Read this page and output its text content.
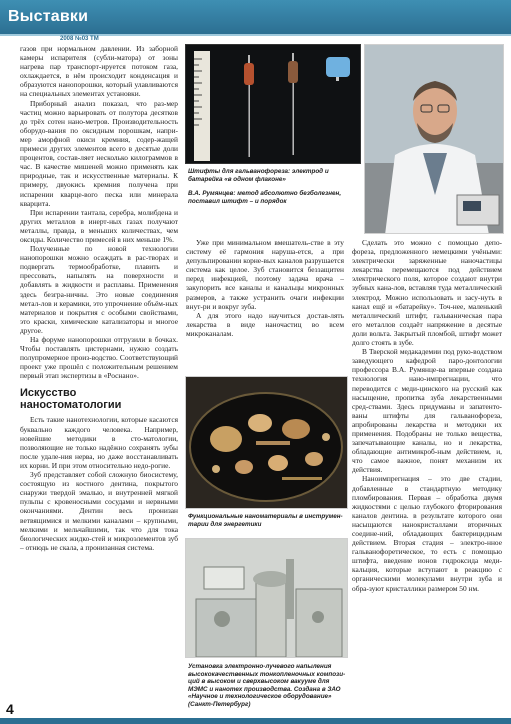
Выставки
2008 №03 ТМ

газов при нормальном давлении. Из заборной камеры испарителя (субли-матора) от зоны нагрева пар транспорт-ируется потоком газа, охлаждается, в нём происходит конденсация и образуются нанопорошки, который улавливаются на специальных элементах установки.

Приборный анализ показал, что раз-мер частиц можно варьировать от полутора десятков до трёх сотен нано-метров. Производительность оборудо-вания по оксидным порошкам, напри-мер аморфной окиси кремния, содер-жащей примеси других элементов всего в десятые доли процентов, состав-ляет несколько килограммов в час. В качестве мишеней можно применять как природные, так и искусственные материалы. К примеру, двуокись кремния получена при испарении кварце-вого песка или минерала кварцита.

При испарении тантала, серебра, молибдена и других металлов в инерт-ных газах получают металлы, правда, в меньших количествах, чем оксиды. Количество примесей в них меньше 1%.

Полученные по новой технологии нанопорошки можно осаждать в рас-творах и подвергать термообработке, плавить и прессовать, напылять на поверхности и добавлять в жидкости и расплавы. Применения здесь безгра-ничны. Это новые соединения метал-лов и керамики, это упрочнение объём-ных материалов и покрытия с особыми свойствами, это краски, химические катализаторы и многое другое.

На форуме нанопорошки отгрузили в бочках. Чтобы поставлять цистернами, нужно создать полупромерное произ-водство. Соответствующий проект уже прошёл с положительным решением первый этап экспертизы в «Роснано».

Искусство наностоматологии

Есть такие нанотехнологии, которые касаются буквально каждого человека. Например, новейшие методики в сто-матологии, позволяющие не только надёжно сохранять зубы после удале-ния нерва, но даже восстанавливать их корни. И при этом относительно недо-рогие.

Зуб представляет собой сложную биосистему, состоящую из костного дентина, покрытого снаружи твердой эмалью, и внутренней мягкой пульпы с кровеносными сосудами и нервными окончаниями. Дентин весь пронизан ветвящимися и мелкими каналами – крупными, мелкими и мельчайшими, так что для тока биологических жидко-стей и микроэлементов зуб – отнюдь не скала, а пронизанная система.

Штифты для гальванофореза: электрод и батарейка «в одном флаконе»
В.А. Румянцев: метод абсолютно безболезнен, поставил штифт – и порядок

Уже при минимальном вмешатель-стве в эту систему её гармония наруша-ется, а при депульпировании корне-вых каналов разрушается система как целое. Зуб становится беззащитен перед инфекцией, поэтому задача врача – закупорить все каналы и канальцы микронных размеров, а также устранить очаги инфекции внут-ри и вокруг зуба.

А для этого надо научиться достав-лять лекарства в виде наночастиц во всем микроканалам.

Функциональные наноматериалы в инструмен-тарии для энергетики
Установка электронно-лучевого напыления высококачественных тонкопленочных компози-ций в высоком и сверхвысоком вакууме для МЭМС и нанотех производства. Создана в ЗАО «Научное и технологическое оборудование» (Санкт-Петербург)

Сделать это можно с помощью депо-фореза, предложенного немецкими учёными: электрически заряженные наночастицы лекарства перемещаются под действием электрического поля, которое создают внутри зубных кана-лов, вставляя туда металлический электрод. Можно использовать и засу-нуть в канал ещё и «батарейку». Точ-нее, маленький металлический штифт, гальваническая пара его металлов создаёт напряжение в десятые доли вольта. Закрытый пломбой, штифт может долго стоять в зубе.

В Тверской медакадемии под руко-водством заведующего кафедрой паро-донтологии профессора В.А. Румянце-ва впервые создана технология нано-импрегнации, что переводится с меди-цинского на русский как насыщение, пропитка зуба лекарственными сред-ствами. Здесь придуманы и запатенто-ваны штифты для гальванофореза, апробированы лекарства и методики их применения. Подобраны не только вещества, запечатывающие каналы, но и лекарства, обладающие антимикроб-ным действием, и, что самое важное, понят механизм их действия.

Наноимпрегнация – это две стадии, добавленные в стандартную методику пломбирования. Первая – обработка двумя жидкостями с целью глубокого фторирования каналов дентина. в результате которого они насыщаются нанокристаллами вторичных соедине-ний, обладающих бактерицидным действием. Вторая стадия – электро-нное гальванофоретическое, то есть с помощью штифта, введение ионов гидроксида меди-кальция, которые вступают в реакцию с органическими молекулами внутри зуба и обра-зуют кристаллики размером 50 нм.

4
